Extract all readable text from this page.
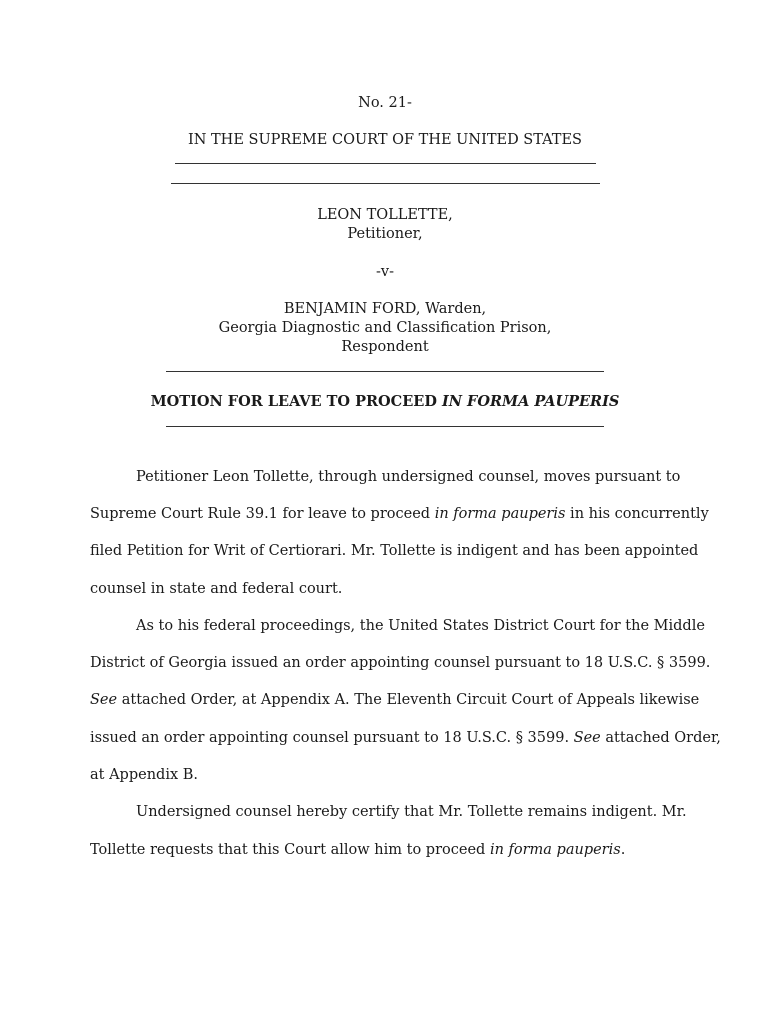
No. 21-
IN THE SUPREME COURT OF THE UNITED STATES
LEON TOLLETTE,
Petitioner,
-v-
BENJAMIN FORD, Warden,
Georgia Diagnostic and Classification Prison,
Respondent
MOTION FOR LEAVE TO PROCEED IN FORMA PAUPERIS
Petitioner Leon Tollette, through undersigned counsel, moves pursuant to
Supreme Court Rule 39.1 for leave to proceed in forma pauperis in his concurrently
filed Petition for Writ of Certiorari. Mr. Tollette is indigent and has been appointed
counsel in state and federal court.
As to his federal proceedings, the United States District Court for the Middle
District of Georgia issued an order appointing counsel pursuant to 18 U.S.C. § 3599.
See attached Order, at Appendix A. The Eleventh Circuit Court of Appeals likewise
issued an order appointing counsel pursuant to 18 U.S.C. § 3599. See attached Order,
at Appendix B.
Undersigned counsel hereby certify that Mr. Tollette remains indigent. Mr.
Tollette requests that this Court allow him to proceed in forma pauperis.
